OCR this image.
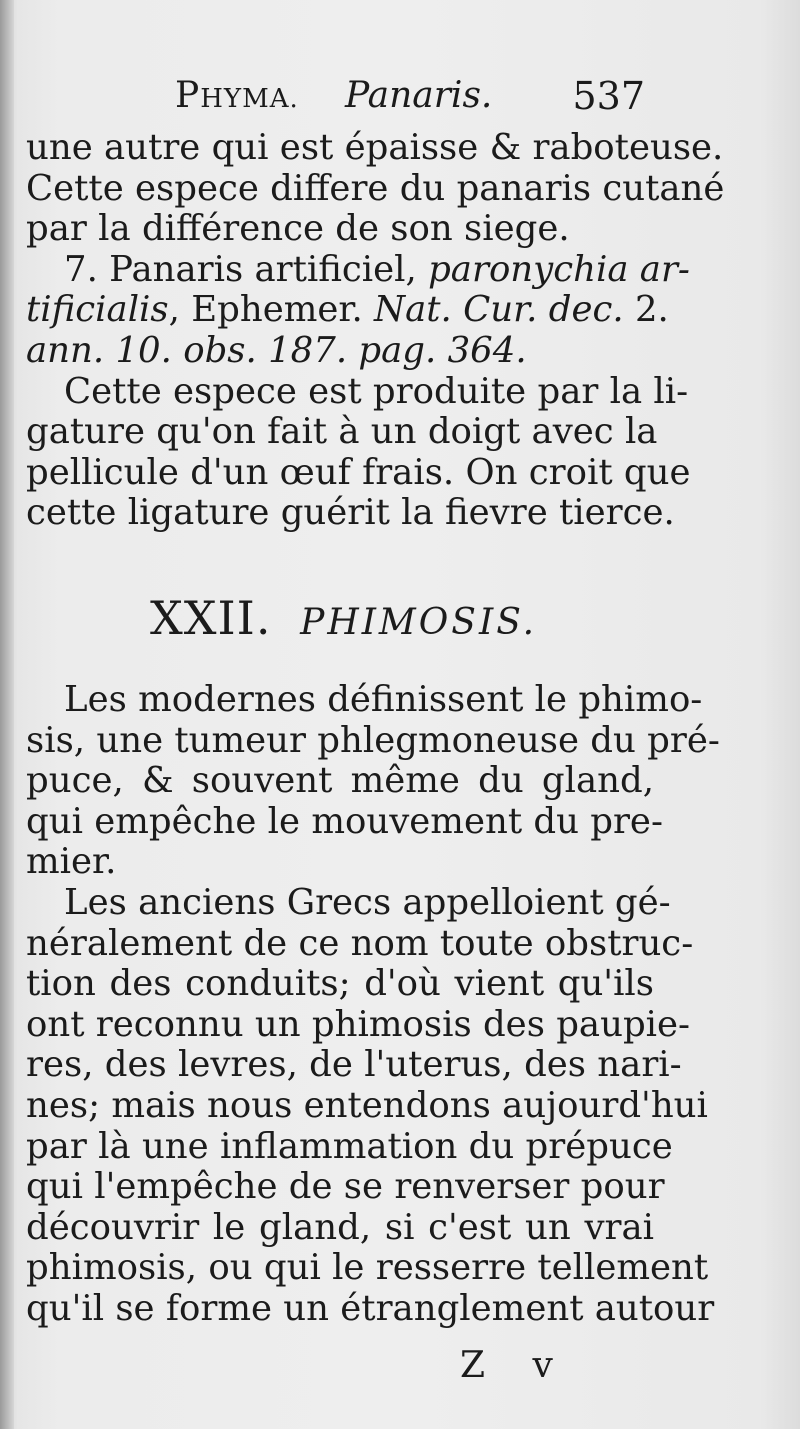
PHYMA. Panaris. 537
une autre qui est épaisse & raboteuse.
Cette espece differe du panaris cutané
par la différence de son siege.
7. Panaris artificiel, paronychia ar-
tificialis, Ephemer. Nat. Cur. dec. 2.
ann. 10. obs. 187. pag. 364.
Cette espece est produite par la li-
gature qu'on fait à un doigt avec la
pellicule d'un œuf frais. On croit que
cette ligature guérit la fievre tierce.
XXII. PHIMOSIS.
Les modernes définissent le phimo-
sis, une tumeur phlegmoneuse du pré-
puce, & souvent même du gland,
qui empêche le mouvement du pre-
mier.
Les anciens Grecs appelloient gé-
néralement de ce nom toute obstruc-
tion des conduits; d'où vient qu'ils
ont reconnu un phimosis des paupie-
res, des levres, de l'uterus, des nari-
nes; mais nous entendons aujourd'hui
par là une inflammation du prépuce
qui l'empêche de se renverser pour
découvrir le gland, si c'est un vrai
phimosis, ou qui le resserre tellement
qu'il se forme un étranglement autour
Z v
